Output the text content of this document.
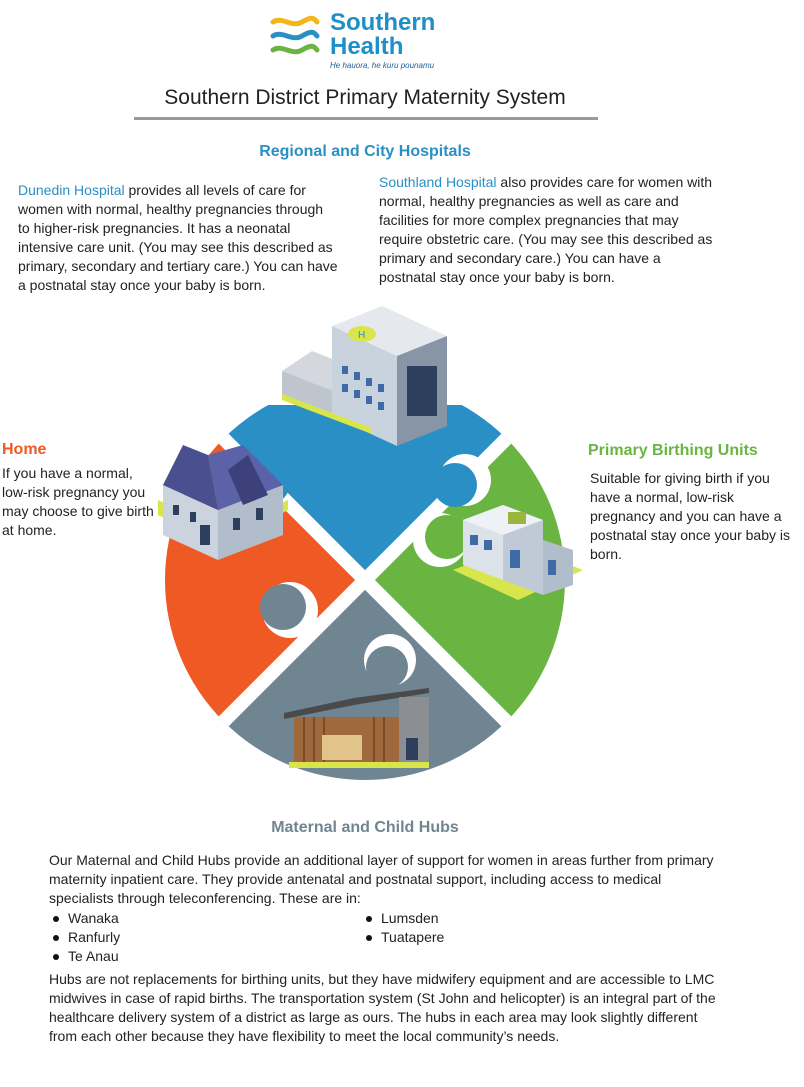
Southern
Health
He hauora, he kuru pounamu
Southern District Primary Maternity System
Regional and City Hospitals
Dunedin Hospital provides all levels of care for women with normal, healthy pregnancies through to higher-risk pregnancies. It has a neonatal intensive care unit. (You may see this described as primary, secondary and tertiary care.) You can have a postnatal stay once your baby is born.
Southland Hospital also provides care for women with normal, healthy pregnancies as well as care and facilities for more complex pregnancies that may require obstetric care. (You may see this described as primary and secondary care.) You can have a postnatal stay once your baby is born.
Home
If you have a normal, low-risk pregnancy you may choose to give birth at home.
Primary Birthing Units
Suitable for giving birth if you have a normal, low-risk pregnancy and you can have a postnatal stay once your baby is born.
H
Maternal and Child Hubs
Our Maternal and Child Hubs provide an additional layer of support for women in areas further from primary maternity inpatient care. They provide antenatal and postnatal support, including access to medical specialists through teleconferencing. These are in:
Wanaka
Ranfurly
Te Anau
Lumsden
Tuatapere
Hubs are not replacements for birthing units, but they have midwifery equipment and are accessible to LMC midwives in case of rapid births. The transportation system (St John and helicopter) is an integral part of the healthcare delivery system of a district as large as ours. The hubs in each area may look slightly different from each other because they have flexibility to meet the local community’s needs.
